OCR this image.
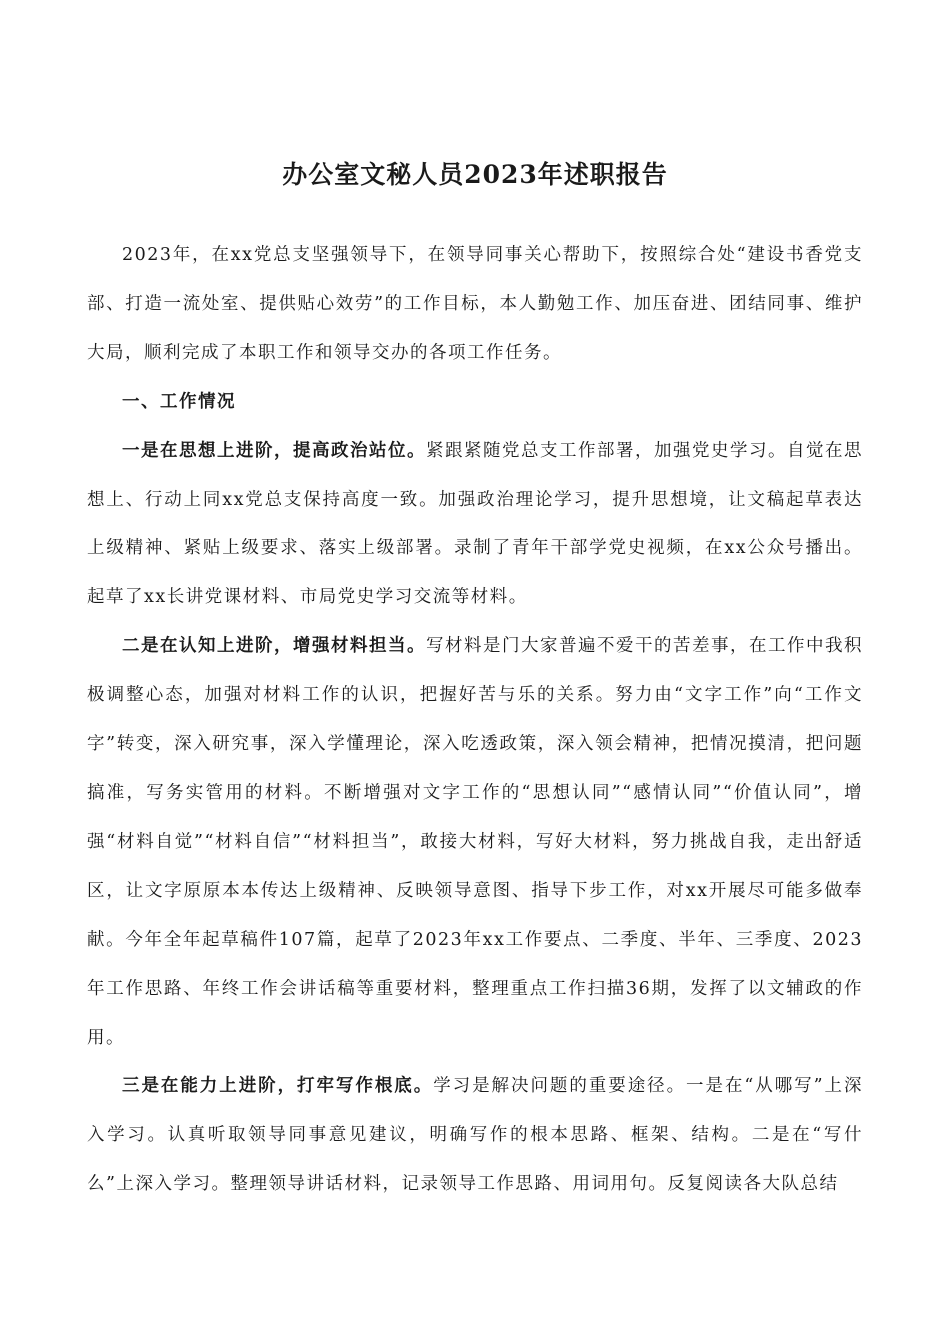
办公室文秘人员2023年述职报告

2023年，在xx党总支坚强领导下，在领导同事关心帮助下，按照综合处“建设书香党支部、打造一流处室、提供贴心效劳”的工作目标，本人勤勉工作、加压奋进、团结同事、维护大局，顺利完成了本职工作和领导交办的各项工作任务。

一、工作情况

一是在思想上进阶，提高政治站位。紧跟紧随党总支工作部署，加强党史学习。自觉在思想上、行动上同xx党总支保持高度一致。加强政治理论学习，提升思想境，让文稿起草表达上级精神、紧贴上级要求、落实上级部署。录制了青年干部学党史视频，在xx公众号播出。起草了xx长讲党课材料、市局党史学习交流等材料。

二是在认知上进阶，增强材料担当。写材料是门大家普遍不爱干的苦差事，在工作中我积极调整心态，加强对材料工作的认识，把握好苦与乐的关系。努力由“文字工作”向“工作文字”转变，深入研究事，深入学懂理论，深入吃透政策，深入领会精神，把情况摸清，把问题搞准，写务实管用的材料。不断增强对文字工作的“思想认同”“感情认同”“价值认同”，增强“材料自觉”“材料自信”“材料担当”，敢接大材料，写好大材料，努力挑战自我，走出舒适区，让文字原原本本传达上级精神、反映领导意图、指导下步工作，对xx开展尽可能多做奉献。今年全年起草稿件107篇，起草了2023年xx工作要点、二季度、半年、三季度、2023年工作思路、年终工作会讲话稿等重要材料，整理重点工作扫描36期，发挥了以文辅政的作用。

三是在能力上进阶，打牢写作根底。学习是解决问题的重要途径。一是在“从哪写”上深入学习。认真听取领导同事意见建议，明确写作的根本思路、框架、结构。二是在“写什么”上深入学习。整理领导讲话材料，记录领导工作思路、用词用句。反复阅读各大队总结
